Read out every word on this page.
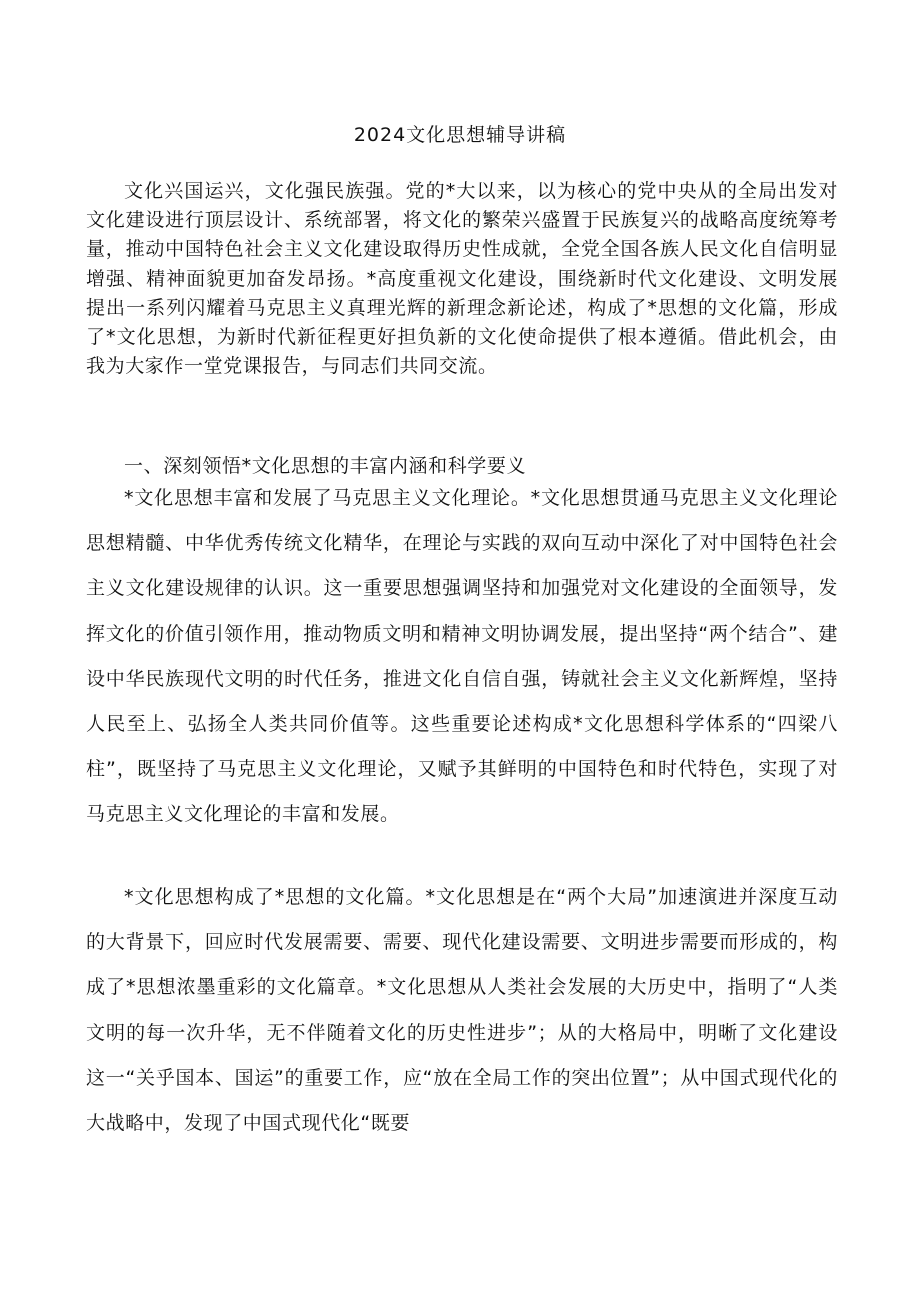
2024文化思想辅导讲稿

文化兴国运兴，文化强民族强。党的*大以来，以为核心的党中央从的全局出发对文化建设进行顶层设计、系统部署，将文化的繁荣兴盛置于民族复兴的战略高度统筹考量，推动中国特色社会主义文化建设取得历史性成就，全党全国各族人民文化自信明显增强、精神面貌更加奋发昂扬。*高度重视文化建设，围绕新时代文化建设、文明发展提出一系列闪耀着马克思主义真理光辉的新理念新论述，构成了*思想的文化篇，形成了*文化思想，为新时代新征程更好担负新的文化使命提供了根本遵循。借此机会，由我为大家作一堂党课报告，与同志们共同交流。

一、深刻领悟*文化思想的丰富内涵和科学要义

*文化思想丰富和发展了马克思主义文化理论。*文化思想贯通马克思主义文化理论思想精髓、中华优秀传统文化精华，在理论与实践的双向互动中深化了对中国特色社会主义文化建设规律的认识。这一重要思想强调坚持和加强党对文化建设的全面领导，发挥文化的价值引领作用，推动物质文明和精神文明协调发展，提出坚持“两个结合”、建设中华民族现代文明的时代任务，推进文化自信自强，铸就社会主义文化新辉煌，坚持人民至上、弘扬全人类共同价值等。这些重要论述构成*文化思想科学体系的“四梁八柱”，既坚持了马克思主义文化理论，又赋予其鲜明的中国特色和时代特色，实现了对马克思主义文化理论的丰富和发展。

*文化思想构成了*思想的文化篇。*文化思想是在“两个大局”加速演进并深度互动的大背景下，回应时代发展需要、需要、现代化建设需要、文明进步需要而形成的，构成了*思想浓墨重彩的文化篇章。*文化思想从人类社会发展的大历史中，指明了“人类文明的每一次升华，无不伴随着文化的历史性进步”；从的大格局中，明晰了文化建设这一“关乎国本、国运”的重要工作，应“放在全局工作的突出位置”；从中国式现代化的大战略中，发现了中国式现代化“既要
